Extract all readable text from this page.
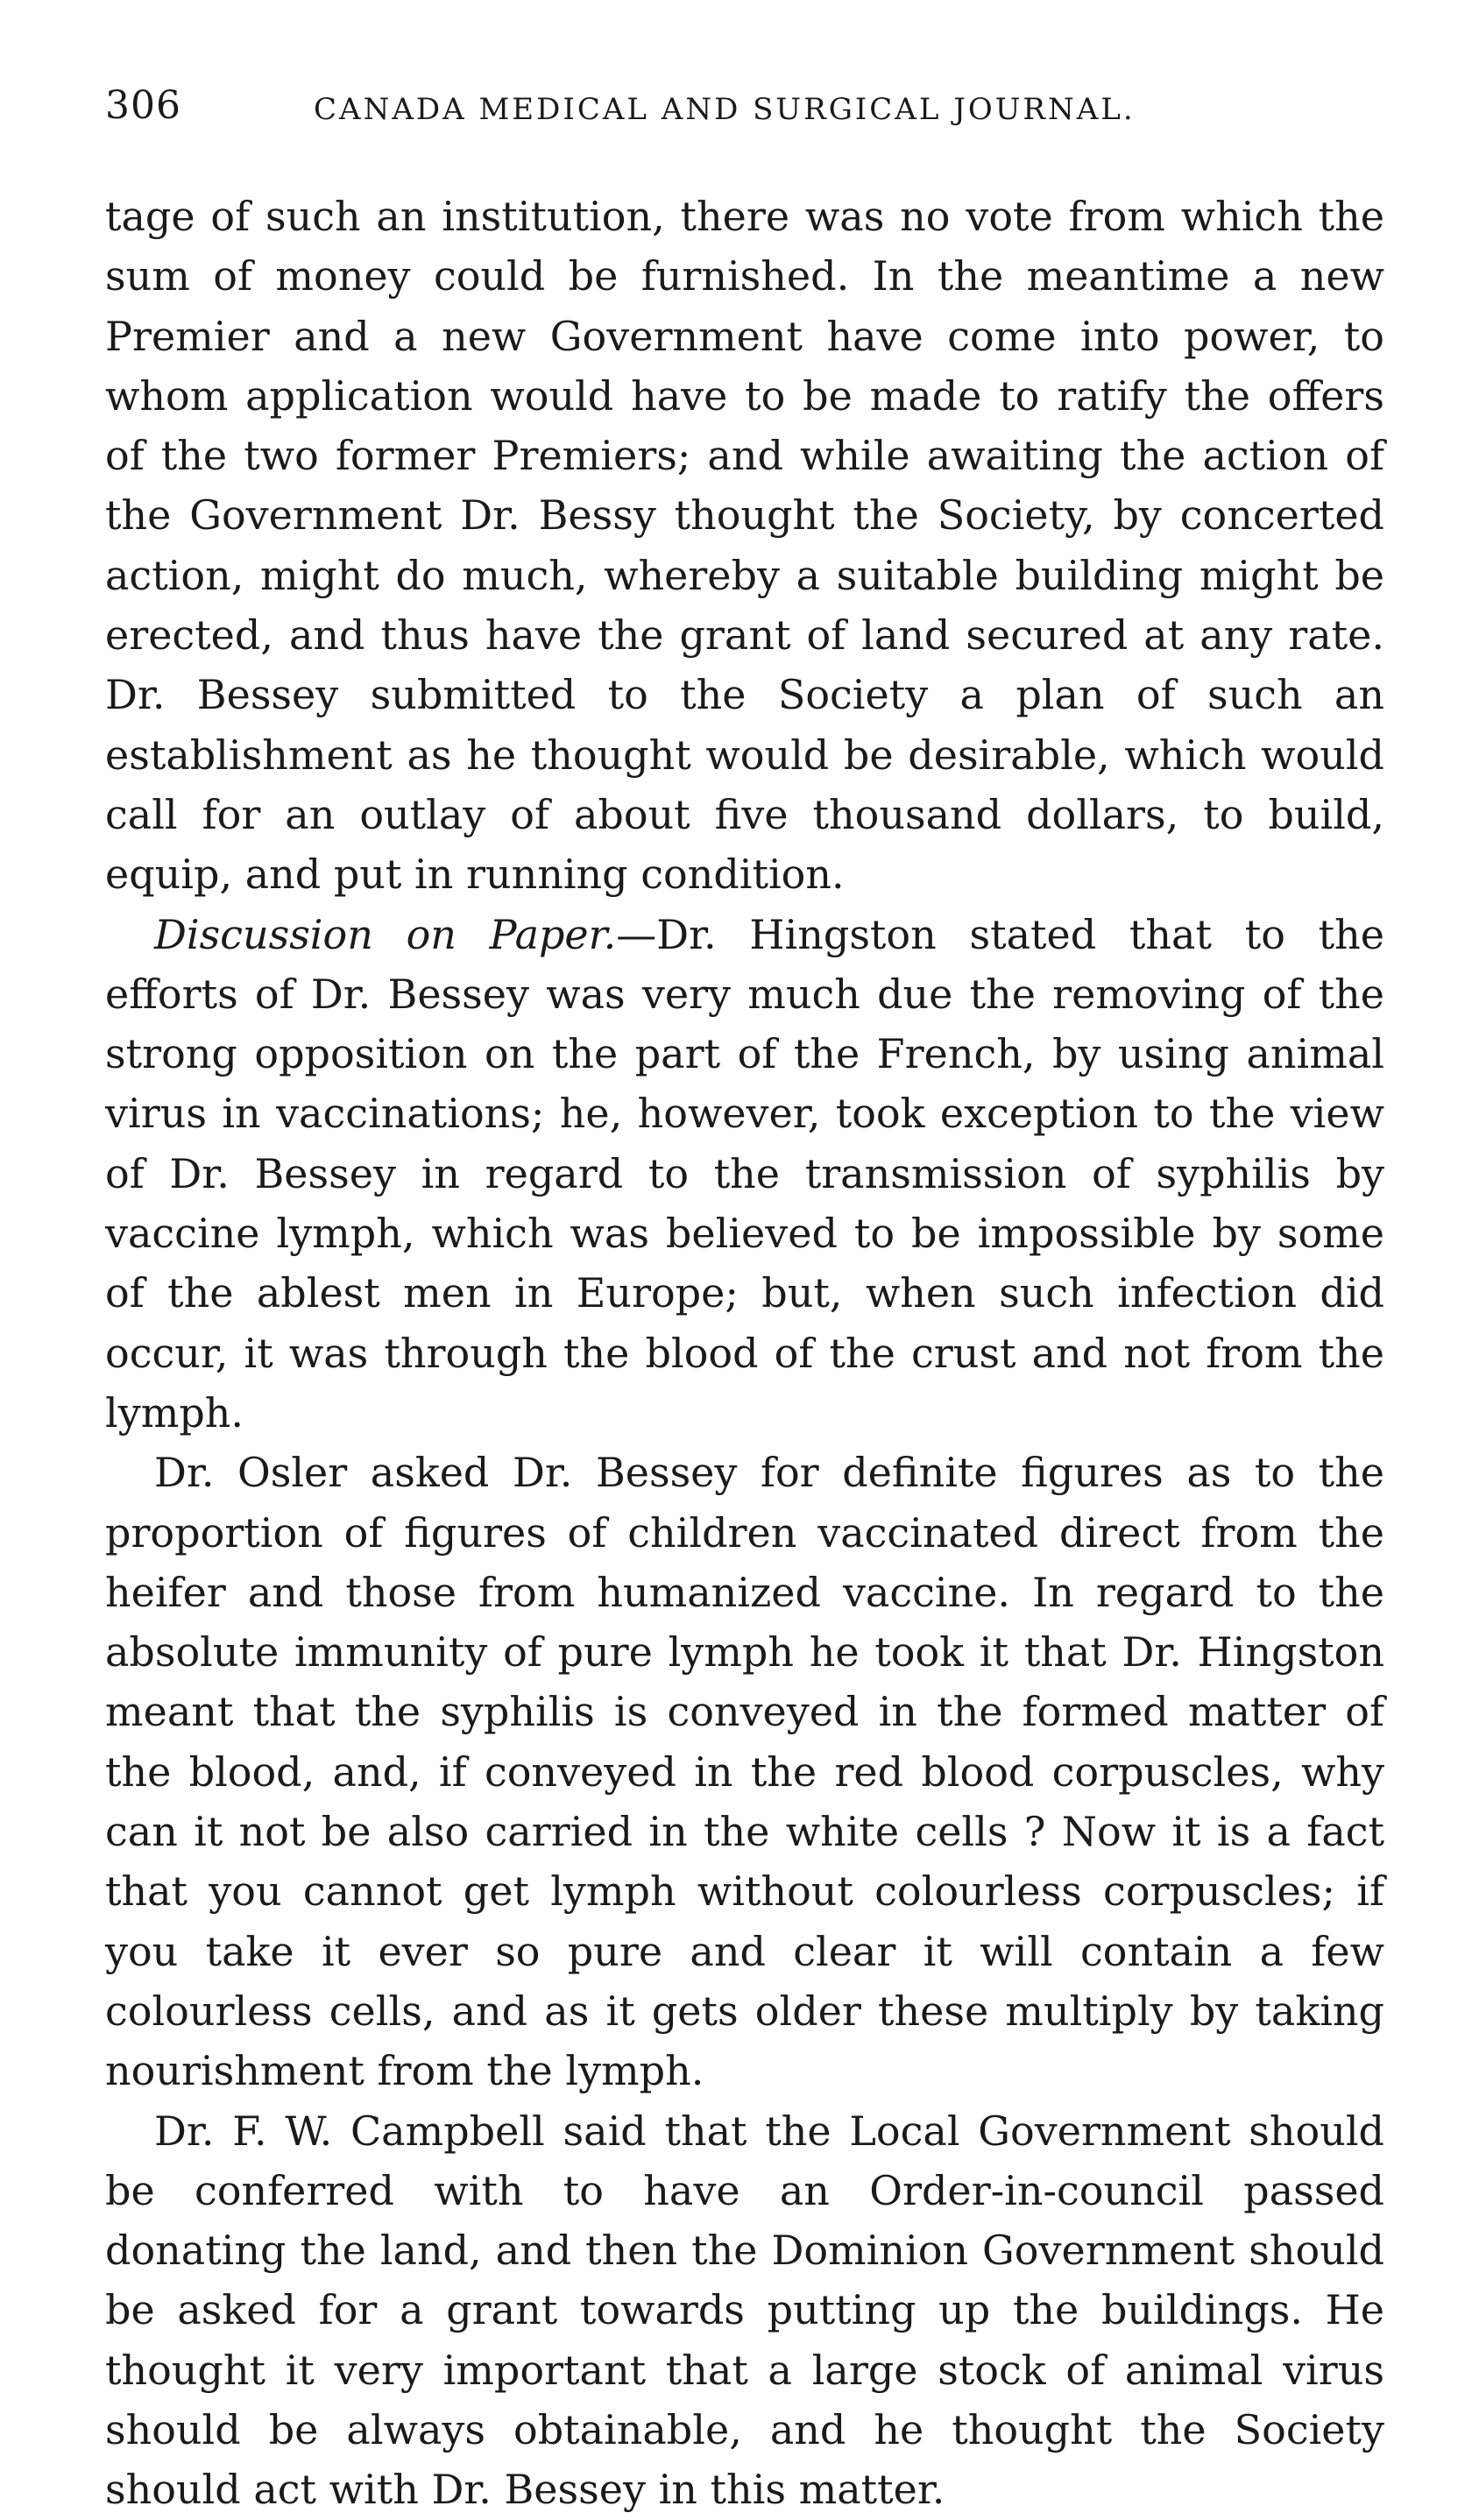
306	CANADA MEDICAL AND SURGICAL JOURNAL.

tage of such an institution, there was no vote from which the sum of money could be furnished. In the meantime a new Premier and a new Government have come into power, to whom application would have to be made to ratify the offers of the two former Premiers; and while awaiting the action of the Government Dr. Bessy thought the Society, by concerted action, might do much, whereby a suitable building might be erected, and thus have the grant of land secured at any rate. Dr. Bessey submitted to the Society a plan of such an establishment as he thought would be desirable, which would call for an outlay of about five thousand dollars, to build, equip, and put in running condition.

Discussion on Paper.—Dr. Hingston stated that to the efforts of Dr. Bessey was very much due the removing of the strong opposition on the part of the French, by using animal virus in vaccinations; he, however, took exception to the view of Dr. Bessey in regard to the transmission of syphilis by vaccine lymph, which was believed to be impossible by some of the ablest men in Europe; but, when such infection did occur, it was through the blood of the crust and not from the lymph.

Dr. Osler asked Dr. Bessey for definite figures as to the proportion of figures of children vaccinated direct from the heifer and those from humanized vaccine. In regard to the absolute immunity of pure lymph he took it that Dr. Hingston meant that the syphilis is conveyed in the formed matter of the blood, and, if conveyed in the red blood corpuscles, why can it not be also carried in the white cells ? Now it is a fact that you cannot get lymph without colourless corpuscles; if you take it ever so pure and clear it will contain a few colourless cells, and as it gets older these multiply by taking nourishment from the lymph.

Dr. F. W. Campbell said that the Local Government should be conferred with to have an Order-in-council passed donating the land, and then the Dominion Government should be asked for a grant towards putting up the buildings. He thought it very important that a large stock of animal virus should be always obtainable, and he thought the Society should act with Dr. Bessey in this matter.
